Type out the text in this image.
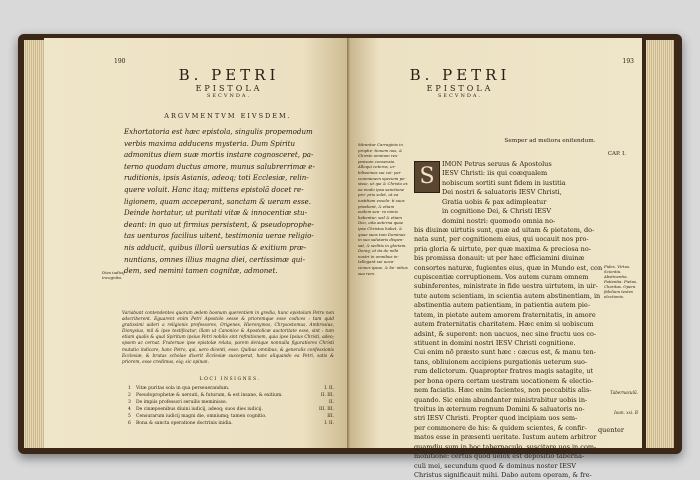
190

B. PETRI

EPISTOLA

SECVNDA.

ARGVMENTVM EIVSDEM.
Exhortatoria est hæc epistola, singulis propemodum
verbis maxima adducens mysteria. Dum Spiritu
admonitus diem suæ mortis instare cognosceret, pa-
terno quodam ductus amore, munus salubrerrimæ e-
ruditionis, ipsis Asianis, adeoq; toti Ecclesiæ, relin-
quere voluit. Hanc itaq; mittens epistolã docet re-
ligionem, quam acceperant, sanctam & ueram esse.
Deinde hortatur, ut puritati vitæ & innocentiæ stu-
deant: in quo ut firmius persistent, & pseudoprophe-
tas uenturos facilius uitent, testimonia uerae religio-
nis adducit, quibus illorũ uersutias & exitium præ-
nuntians, omnes illius magna diei, certissimæ qui-
dem, sed nemini tamen cognitæ, admonet.
Dies iudicij incognita.
Variabunt contendentes quorum ædem boonum querentiem in gredia, hunc epistolam Petro non adscriberent. Eguarent enim Petri Apostolo sesse & prioremque esse codices : tum quid gratissimi uideri a religionis professores, Origenes, Hieronymos, Chrysostomus, Ambrosius, Dionysius, mil & ipse testificatur, illam ut Canonice & Apostolicæ auctoritate esse, sint : tum etiam qualis & qual Spiritum ipsius Petri nobilis sint refinitionem, quia ipse Ipsius Christi, adeo; spsem ac cernat. Fraternae ipse epistolæ relata, parem denique nonnulla figuratiores Christi mutatio indicare, hanc Petro, qui, uero dicenti, esse. Quibus omnibus, & generalis confessionis Ecclesiæ, & brutas scholae dixerit Ecclesiæ susceperat, hanc aliquando ea Petri, satis & priorem, esse credimus, eiq; sic opinan.
LOCI INSIGNES.
1	Vitæ puritas sola in qua perseuerandum.	I. II.
2	Pseudoprophetæ & uersuti, & futurum, & est insane, & exitium.	II. III.
3	De impiis professori seruilis meminisse.	II.
4	De cinæpoenibus diuini iudicij, adeoq; suos dies iudicij.	III. III.
5	Censurarum iudicij magni die, omniumq; tamen cognitio.	III.
6	Bona & sancta operatione doctrinis inidia.	I. II.
193

B. PETRI

EPISTOLA

SECVNDA.

Semper ad meliora enitendum.
CAP. I.
Mirantur Carraginis in prophe- tionem nos, & Christo omnium res- ponsum consensio. Alloqui ceteros, ur- bilissimos sui coi- per communem speciem pe- sisse, ut qui & Christo ex ea modo ipsa sanctione pro- prio solet, ut ea iustitiam exsolu- ti suos praebent, & etiam eodem seu- ra nimis habentur, sed & etiam Deo, uita aeterna quae ipse Christus habet, & quae suos tum Dominus in suo salutaris dispen- sat, & seditis in gloriam. Deniq; et ita de mihi nostri in omnibus in- tellegant sui uoca- ciones ipsae, & be- nitius sua rem.
IMON Petrus seruus & Apostolus
IESV Christi: iis qui coæqualem
nobiscum sortiti sunt fidem in iustitia
Dei nostri & saluatoris IESV Christi,
Gratia uobis & pax adimpleatur
in cognitione Dei, & Christi IESV
domini nostri: quomodo omnia no-
bis diuinæ uirtutis sunt, quæ ad uitam & pietatem, do-
nata sunt, per cognitionem eius, qui uocauit nos pro-
pria gloria & uirtute, per quæ maxima & preciosa no-
bis promissa donauit: ut per hæc efficiamini diuinæ
consortes naturæ, fugientes eius, quæ in Mundo est, con
cupiscentiæ corruptionem. Vos autem curam omnem
subinferentes, ministrate in fide uestra uirtutem, in uir-
tute autem scientiam, in scientia autem abstinentiam, in
abstinentia autem patientiam, in patientia autem pie-
tatem, in pietate autem amorem fraternitatis, in amore
autem fraternitatis charitatem. Hæc enim si uobiscum
adsint, & superent: non uacuos, nec sine fructu uos co-
stituent in domini nostri IESV Christi cognitione.
Cui enim nõ præsto sunt hæc : cæcus est, & manu ten-
tans, obliuionem accipiens purgationis ueterum suo-
rum delictorum. Quapropter fratres magis satagite, ut
per bona opera certam uestram uocationem & electio-
nem faciatis. Hæc enim facientes, non peccabitis alis-
quando. Sic enim abundanter ministrabitur uobis in-
troitus in æternum regnum Domini & saluatoris no-
stri IESV Christi. Propter quod incipiam uos sem-
per commonere de his: & quidem scientes, & confir-
matos esse in præsenti ueritate. Iustum autem arbitror
quamdiu sum in hoc tabernaculo, suscitare uos in com-
monitione: certus quod uelox est depositio taberna-
culi mei, secundum quod & dominus noster IESV
Christus significauit mihi. Dabo autem operam, & fre-
S
Fides. Virtus. Scientia. Abstinentia. Patientia. Pietas. Charitas. Opera fidelium testes electionis.
Tabernaculũ.
Ioan. xxi. B
quenter
